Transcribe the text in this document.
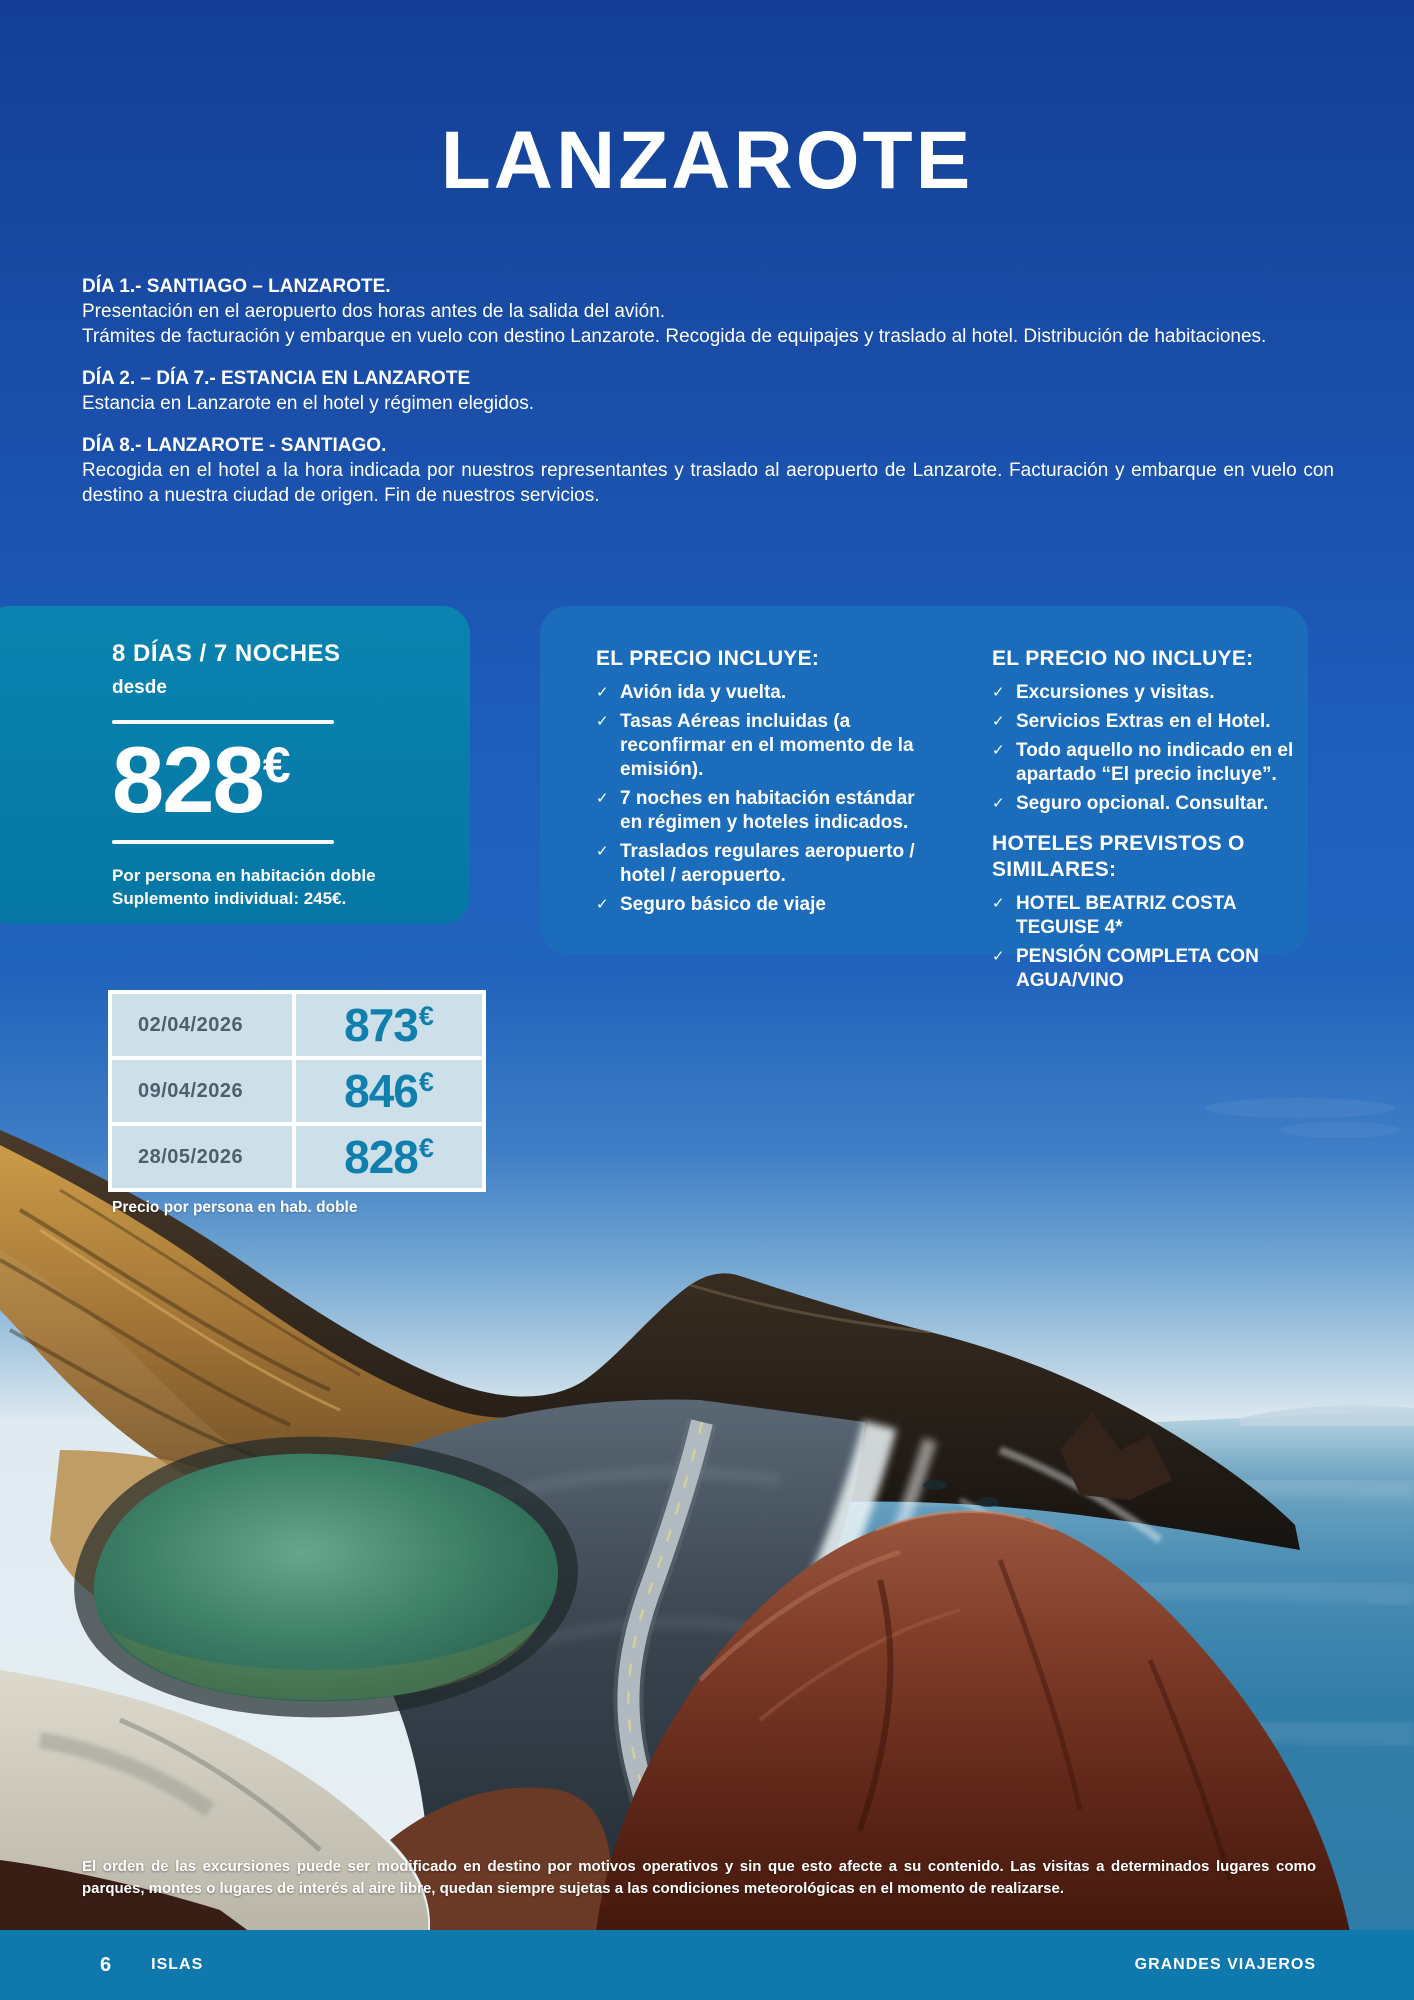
LANZAROTE
DÍA 1.- SANTIAGO – LANZAROTE.

Presentación en el aeropuerto dos horas antes de la salida del avión.

Trámites de facturación y embarque en vuelo con destino Lanzarote. Recogida de equipajes y traslado al hotel. Distribución de habitaciones.

DÍA 2. – DÍA 7.- ESTANCIA EN LANZAROTE

Estancia en Lanzarote en el hotel y régimen elegidos.

DÍA 8.- LANZAROTE - SANTIAGO.

Recogida en el hotel a la hora indicada por nuestros representantes y traslado al aeropuerto de Lanzarote. Facturación y embarque en vuelo con destino a nuestra ciudad de origen. Fin de nuestros servicios.

8 DÍAS / 7 NOCHES
desde
828€
Por persona en habitación doble
Suplemento individual: 245€.
EL PRECIO INCLUYE:
✓ Avión ida y vuelta.
✓ Tasas Aéreas incluidas (a reconfirmar en el momento de la emisión).
✓ 7 noches en habitación estándar en régimen y hoteles indicados.
✓ Traslados regulares aeropuerto / hotel / aeropuerto.
✓ Seguro básico de viaje
EL PRECIO NO INCLUYE:
✓ Excursiones y visitas.
✓ Servicios Extras en el Hotel.
✓ Todo aquello no indicado en el apartado “El precio incluye”.
✓ Seguro opcional. Consultar.
HOTELES PREVISTOS O SIMILARES:
✓ HOTEL BEATRIZ COSTA TEGUISE 4*
✓ PENSIÓN COMPLETA CON AGUA/VINO
02/04/2026	873 €
09/04/2026	846 €
28/05/2026	828 €
Precio por persona en hab. doble
El orden de las excursiones puede ser modificado en destino por motivos operativos y sin que esto afecte a su contenido. Las visitas a determinados lugares como parques, montes o lugares de interés al aire libre, quedan siempre sujetas a las condiciones meteorológicas en el momento de realizarse.
6	ISLAS	GRANDES VIAJEROS
